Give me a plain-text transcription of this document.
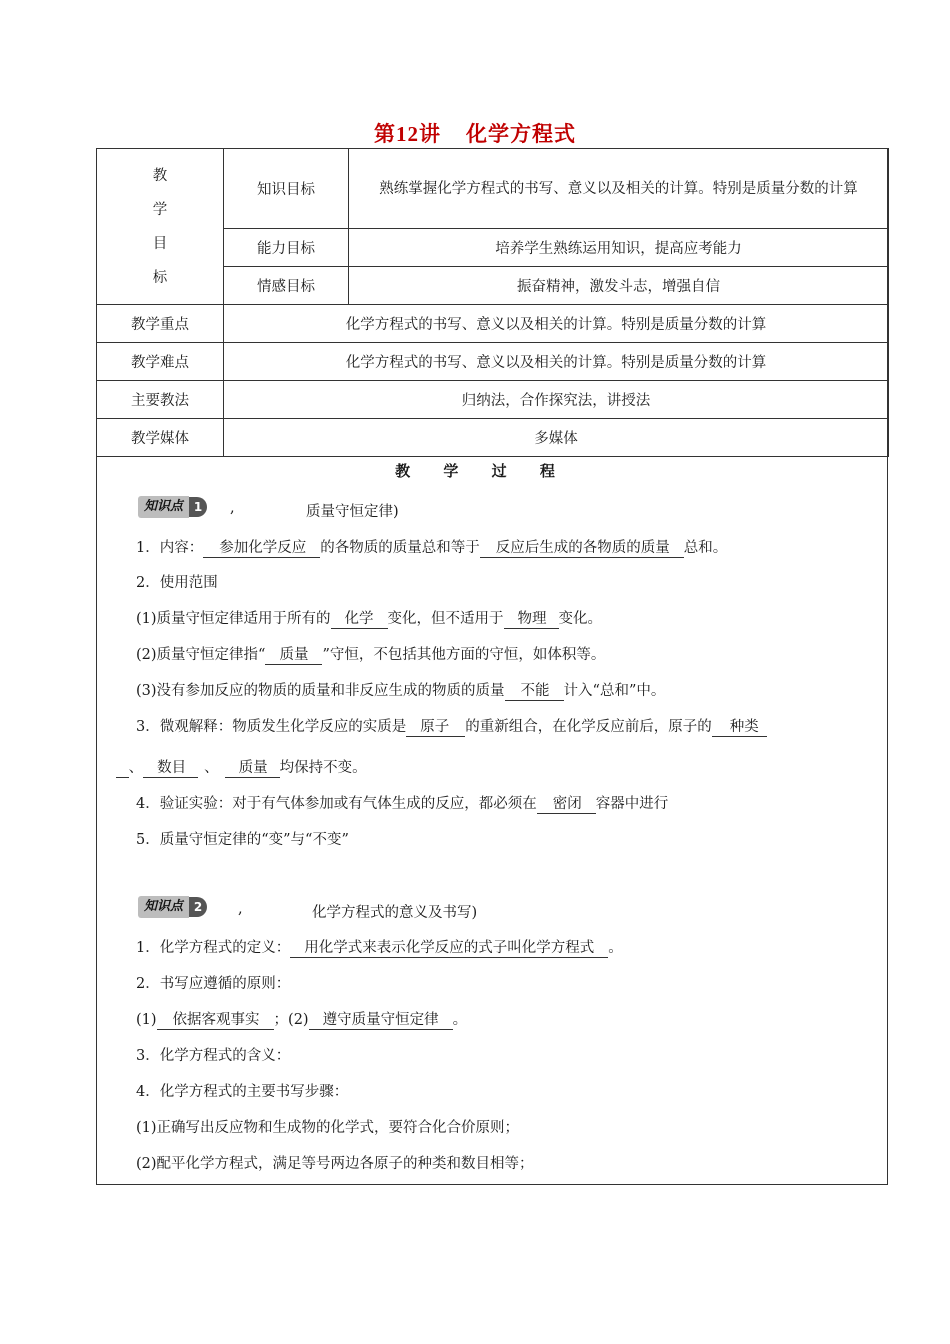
第12讲 化学方程式
教
学
目
标	知识目标	熟练掌握化学方程式的书写、意义以及相关的计算。特别是质量分数的计算
	能力目标	培养学生熟练运用知识，提高应考能力
	情感目标	振奋精神，激发斗志，增强自信
教学重点	化学方程式的书写、意义以及相关的计算。特别是质量分数的计算	
教学难点	化学方程式的书写、意义以及相关的计算。特别是质量分数的计算	
主要教法	归纳法，合作探究法，讲授法	
教学媒体	多媒体	
教 学 过 程
知识点 1	,	质量守恒定律)
1．内容： 参加化学反应 的各物质的质量总和等于 反应后生成的各物质的质量 总和。
2．使用范围
(1)质量守恒定律适用于所有的 化学 变化，但不适用于 物理 变化。
(2)质量守恒定律指“ 质量 ”守恒，不包括其他方面的守恒，如体积等。
(3)没有参加反应的物质的质量和非反应生成的物质的质量 不能 计入“总和”中。
3．微观解释：物质发生化学反应的实质是 原子 的重新组合，在化学反应前后，原子的 种类
、 数目 、 质量 均保持不变。
4．验证实验：对于有气体参加或有气体生成的反应，都必须在 密闭 容器中进行
5．质量守恒定律的“变”与“不变”
知识点 2	,	化学方程式的意义及书写)
1．化学方程式的定义： 用化学式来表示化学反应的式子叫化学方程式 。
2．书写应遵循的原则：
(1) 依据客观事实 ；(2) 遵守质量守恒定律 。
3．化学方程式的含义：
4．化学方程式的主要书写步骤：
(1)正确写出反应物和生成物的化学式，要符合化合价原则；
(2)配平化学方程式，满足等号两边各原子的种类和数目相等；
